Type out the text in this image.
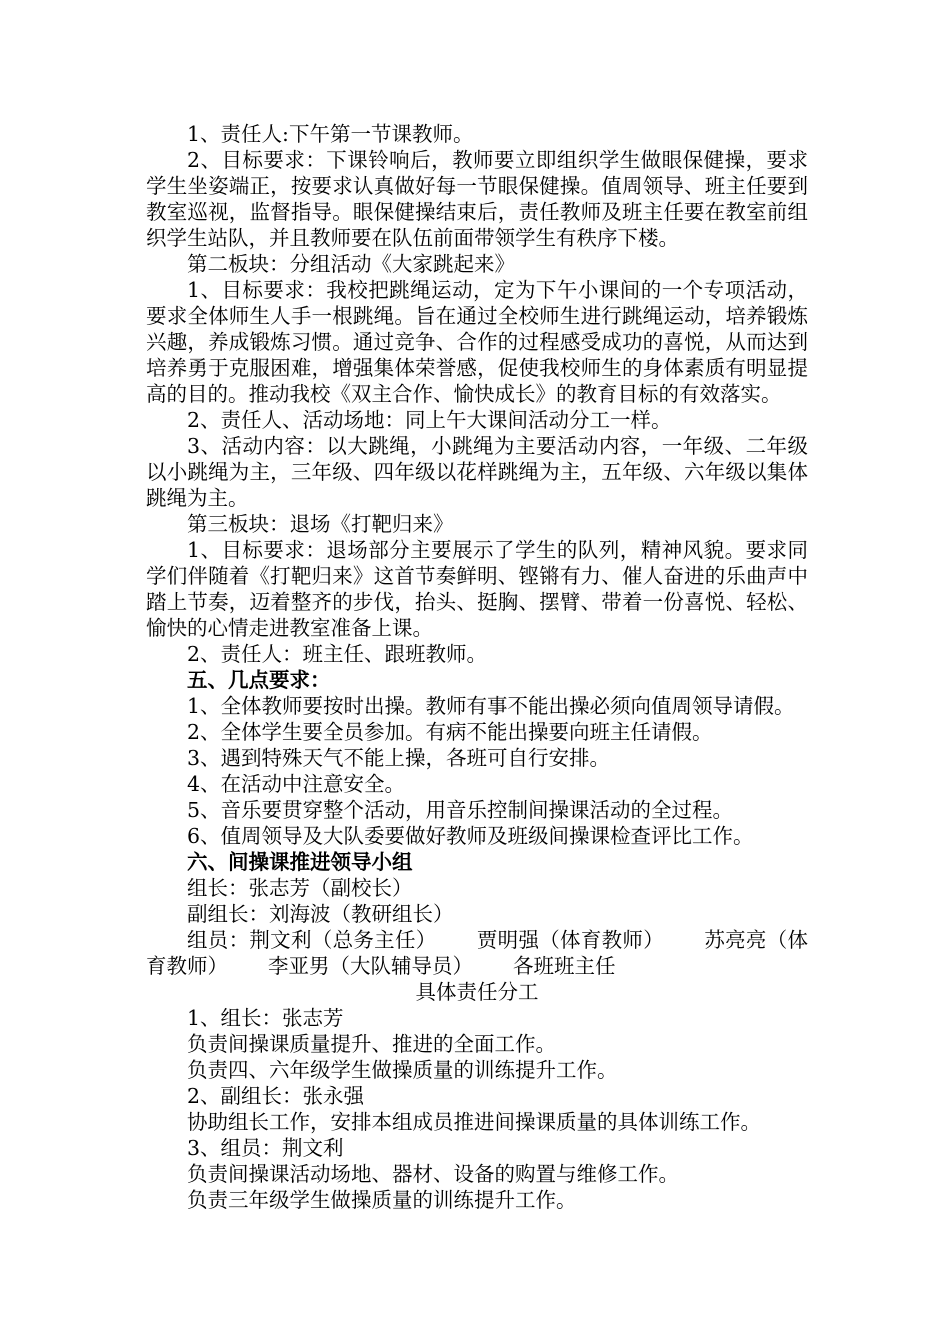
1、责任人:下午第一节课教师。

2、目标要求：下课铃响后，教师要立即组织学生做眼保健操，要求学生坐姿端正，按要求认真做好每一节眼保健操。值周领导、班主任要到教室巡视，监督指导。眼保健操结束后，责任教师及班主任要在教室前组织学生站队，并且教师要在队伍前面带领学生有秩序下楼。

第二板块：分组活动《大家跳起来》

1、目标要求：我校把跳绳运动，定为下午小课间的一个专项活动，要求全体师生人手一根跳绳。旨在通过全校师生进行跳绳运动，培养锻炼兴趣，养成锻炼习惯。通过竞争、合作的过程感受成功的喜悦，从而达到培养勇于克服困难，增强集体荣誉感，促使我校师生的身体素质有明显提高的目的。推动我校《双主合作、愉快成长》的教育目标的有效落实。

2、责任人、活动场地：同上午大课间活动分工一样。

3、活动内容：以大跳绳，小跳绳为主要活动内容，一年级、二年级以小跳绳为主，三年级、四年级以花样跳绳为主，五年级、六年级以集体跳绳为主。

第三板块：退场《打靶归来》

1、目标要求：退场部分主要展示了学生的队列，精神风貌。要求同学们伴随着《打靶归来》这首节奏鲜明、铿锵有力、催人奋进的乐曲声中踏上节奏，迈着整齐的步伐，抬头、挺胸、摆臂、带着一份喜悦、轻松、愉快的心情走进教室准备上课。

2、责任人：班主任、跟班教师。

五、几点要求：

1、全体教师要按时出操。教师有事不能出操必须向值周领导请假。

2、全体学生要全员参加。有病不能出操要向班主任请假。

3、遇到特殊天气不能上操，各班可自行安排。

4、在活动中注意安全。

5、音乐要贯穿整个活动，用音乐控制间操课活动的全过程。

6、值周领导及大队委要做好教师及班级间操课检查评比工作。

六、间操课推进领导小组

组长：张志芳（副校长）

副组长：刘海波（教研组长）

组员：荆文利（总务主任） 贾明强（体育教师） 苏亮亮（体育教师） 李亚男（大队辅导员） 各班班主任

具体责任分工

1、组长：张志芳

负责间操课质量提升、推进的全面工作。

负责四、六年级学生做操质量的训练提升工作。

2、副组长：张永强

协助组长工作，安排本组成员推进间操课质量的具体训练工作。

3、组员：荆文利

负责间操课活动场地、器材、设备的购置与维修工作。

负责三年级学生做操质量的训练提升工作。
